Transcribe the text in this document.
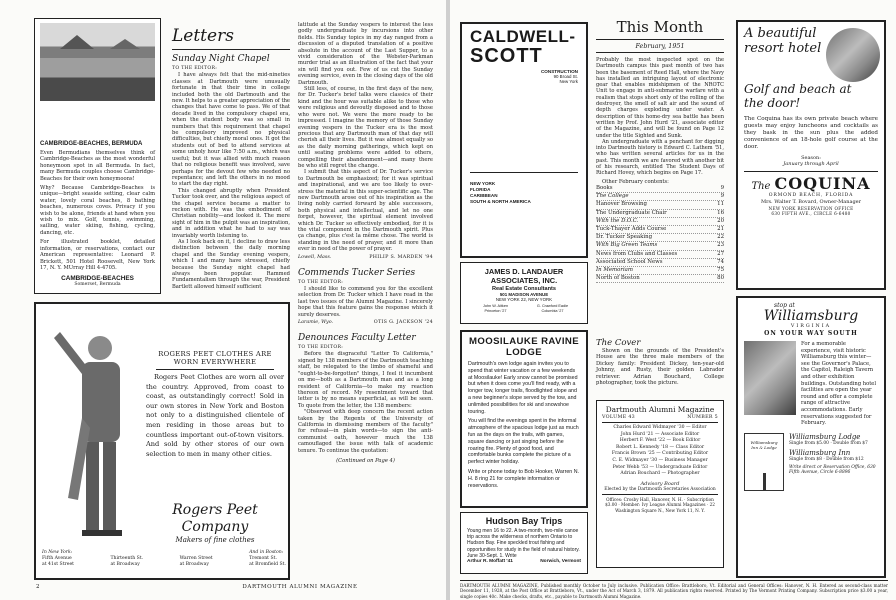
CAMBRIDGE-BEACHES, BERMUDA

Even Bermudians themselves think of Cambridge-Beaches as the most wonderful honeymoon spot in all Bermuda. In fact, many Bermuda couples choose Cambridge-Beaches for their own honeymoons!

Why? Because Cambridge-Beaches is unique—bright seaside setting, clear calm water, lovely coral beaches, 8 bathing beaches, numerous coves. Privacy if you wish to be alone, friends at hand when you wish to mix. Golf, tennis, swimming, sailing, water skiing, fishing, cycling, dancing, etc.

For illustrated booklet, detailed information, or reservations, contact our American representative: Leonard P. Brickett, 501 Hotel Roosevelt, New York 17, N. Y. MUrray Hill 4-4705.

CAMBRIDGE-BEACHES
Somerset, Bermuda
Letters
Sunday Night Chapel
TO THE EDITOR:

I have always felt that the mid-nineties classes at Dartmouth were unusually fortunate in that their time in college included both the old Dartmouth and the new. It helps to a greater appreciation of the changes that have come to pass. We of that decade lived in the compulsory chapel era, when the student body was so small in numbers that this requirement that chapel be compulsory improved no physical difficulties, but chiefly moral ones. It got the students out of bed to attend services at some unholy hour like 7:50 a.m., which was useful; but it was allied with much reason that no religious benefit was involved, save perhaps for the devout few who needed no repentance; and left the others in no mood to start the day right.

This changed abruptly when President Tucker took over, and the religious aspect of the chapel service became a matter to reckon with. He was the embodiment of Christian nobility—and looked it. The mere sight of him in the pulpit was an inspiration, and in addition what he had to say was invariably worth listening to.

As I look back on it, I decline to draw less distinction between the daily morning chapel and the Sunday evening vespers, which I and many have stressed, chiefly because the Sunday night chapel had always been popular. Rammed Fundamentalism through the war, President Bartlett allowed himself sufficient

latitude at the Sunday vespers to interest the less godly undergraduate by incursions into other fields. His Sunday topics in my day ranged from a discussion of a disputed translation of a positive absolute in the account of the Last Supper, to a vivid consideration of the Webster-Parkman murder trial as an illustration of the fact that your sin will find you out. Few of us cut the Sunday evening service, even in the closing days of the old Dartmouth.

Still less, of course, in the first days of the new, for Dr. Tucker's brief talks were classics of their kind and the hour was suitable alike to those who were religious and devoutly disposed and to those who were not. We were the more ready to be impressed. I imagine the memory of those Sunday evening vespers in the Tucker era is the most precious that any Dartmouth man of that day will cherish all their lives. But it was almost equally so as the daily morning gatherings, which kept on until seating problems were added to others, compelling their abandonment—and many there be who still regret the change.

I submit that this aspect of Dr. Tucker's service to Dartmouth be emphasized; for it was spiritual and inspirational, and we are too likely to over-stress the material in this super-scientific age. The new Dartmouth arose out of his inspiration as the living nobly carried forward by able successors, both physical and intellectual, and let no one forget, however, the spiritual element involved which Dr. Tucker so effectively embodied, for it is the vital component in the Dartmouth spirit. Plus ça change, plus c'est la même chose. The world is standing in the need of prayer, and it more than ever in need of the power of prayer.

Lowell, Mass.	PHILIP S. MARDEN '94
Commends Tucker Series
TO THE EDITOR:

I should like to commend you for the excellent selection from Dr. Tucker which I have read in the last two issues of the Alumni Magazine. I sincerely hope that this feature gains the response which it surely deserves.

Laramie, Wyo.	OTIS G. JACKSON '24
Denounces Faculty Letter
TO THE EDITOR:

Before the disgraceful "Letter To California," signed by 138 members of the Dartmouth teaching staff, be relegated to the limbo of shameful and "ought-to-be-forgotten" things, I feel it incumbent on me—both as a Dartmouth man and as a long resident of California—to make my reaction thereon of record. My resentment toward that letter is by no means superficial, as will be seen. To quote from the letter, the 138 members:

"Observed with deep concern the recent action taken by the Regents of the University of California in dismissing members of the faculty" for refusal—in plain words—to sign the anti-communist oath, however much the 138 camouflaged the issue with talk of academic tenure. To continue the quotation:

(Continued on Page 4)
ROGERS PEET CLOTHES ARE WORN EVERYWHERE

Rogers Peet Clothes are worn all over the country. Approved, from coast to coast, as outstandingly correct! Sold in our own stores in New York and Boston not only to a distinguished clientele of men residing in those areas but to countless important out-of-town visitors. And sold by other stores of our own selection to men in many other cities.

Rogers Peet Company
Makers of fine clothes
In New York:
Fifth Avenue
at 41st Street

Thirteenth St.
at Broadway

Warren Street
at Broadway
And in Boston:
Tremont St.
at Bromfield St.
2	DARTMOUTH ALUMNI MAGAZINE
CALDWELL-
SCOTT
CONSTRUCTION
90 Broad St.
New York
NEW YORK
FLORIDA
CARIBBEAN
SOUTH & NORTH AMERICA
JAMES D. LANDAUER ASSOCIATES, INC.
Real Estate Consultants
501 MADISON AVENUE
NEW YORK 22, NEW YORK
John W. Aitken
Princeton '27
G. Crawford Eadie
Columbia '27
MOOSILAUKE RAVINE LODGE

Dartmouth's own lodge again invites you to spend that winter vacation or a few weekends at Moosilauke! Early snow cannot be promised but when it does come you'll find ready, with a longer tow, longer trails, floodlighted slope and a new beginner's slope served by the tow, and unlimited possibilities for ski and snowshoe touring.

You will find the evenings spent in the informal atmosphere of the spacious lodge just as much fun as the days on the trails, with games, square dancing or just singing before the roaring fire. Plenty of good food, and comfortable bunks complete the picture of a perfect winter holiday.

Write or phone today to Bob Hooker, Warren N. H. 8 ring 21 for complete information or reservations.

Hudson Bay Trips

Young men 16 to 22. A two-month, two-mile canoe trip across the wilderness of northern Ontario to Hudson Bay. Fine speckled trout fishing and opportunities for study in the field of natural history. June 30-Sept. 1. Write

Arthur R. Moffatt '41	Norwich, Vermont
This Month
February, 1951

Probably the most inspected spot on the Dartmouth campus this past month of two has been the basement of Reed Hall, where the Navy has installed an intriguing layout of electronic gear that enables midshipmen of the NROTC Unit to engage in anti-submarine warfare with a realism that stops short only of the rolling of the destroyer, the smell of salt air and the sound of depth charges exploding under water. A description of this home-dry sea battle has been written by Prof. John Hurd '21, associate editor of the Magazine, and will be found on Page 12 under the title Sighted and Sunk.

An undergraduate with a penchant for digging into Dartmouth history is Edward C. Lathem '51, who has written several articles for us in the past. This month we are favored with another bit of his research, entitled The Student Days of Richard Hovey, which begins on Page 17.

Other February contents:
Books	9
The College	9
Hanover Browsing	11
The Undergraduate Chair	16
With the D.O.C.	20
Tuck-Thayer Adds Course	21
Dr. Tucker Speaking	22
With Big Green Teams	23
News from Clubs and Classes	27
Associated School News	74
In Memoriam	75
North of Boston	80
The Cover

Shown on the grounds of the President's House are the three male members of the Dickey family: President Dickey, ten-year-old Johnny, and Rusty, their golden Labrador retriever. Adrian Bouchard, College photographer, took the picture.

Dartmouth Alumni Magazine
VOLUME 43	NUMBER 5
Charles Edward Widmayer '30 — Editor
John Hurd '21 — Associate Editor
Herbert F. West '22 — Book Editor
Robert L. Kennedy '18 — Class Editor
Francis Brown '25 — Contributing Editor
C. E. Widmayer '30 — Business Manager
Peter Webb '53 — Undergraduate Editor
Adrian Bouchard — Photographer
Advisory Board
Elected by the Dartmouth Secretaries Association
Offices: Crosby Hall, Hanover, N. H. · Subscription $3.00 · Member: Ivy League Alumni Magazines · 22 Washington Square N., New York 11, N. Y.
A beautiful resort hotel
Golf and beach at the door!

The Coquina has its own private beach where guests may enjoy luncheons and cocktails as they bask in the sun plus the added convenience of an 18-hole golf course at the door.

Season:
January through April
The COQUINA
ORMOND BEACH, FLORIDA
Mrs. Walter T. Bovard, Owner-Manager
NEW YORK RESERVATION OFFICE
630 FIFTH AVE., CIRCLE 6-6480
stop at
Williamsburg
VIRGINIA
ON YOUR WAY SOUTH

For a memorable experience, visit historic Williamsburg this winter—see the Governor's Palace, the Capitol, Raleigh Tavern and other exhibition buildings. Outstanding hotel facilities are open the year round and offer a complete range of attractive accommodations. Early reservations suggested for February.

Williamsburg Inn & Lodge
Williamsburg Lodge
Single from $5.00 · Double from $7
Williamsburg Inn
Single from $8 · Double from $12
Write direct or Reservation Office, 630 Fifth Avenue, Circle 6-8896
DARTMOUTH ALUMNI MAGAZINE, Published monthly October to July inclusive. Publication Office: Brattleboro, Vt. Editorial and General Offices: Hanover, N. H. Entered as second-class matter December 11, 1928, at the Post Office at Brattleboro, Vt., under the Act of March 3, 1879. All publication rights reserved. Printed by The Vermont Printing Company. Subscription price $3.00 a year, single copies 40c. Make checks, drafts, etc., payable to Dartmouth Alumni Magazine.
